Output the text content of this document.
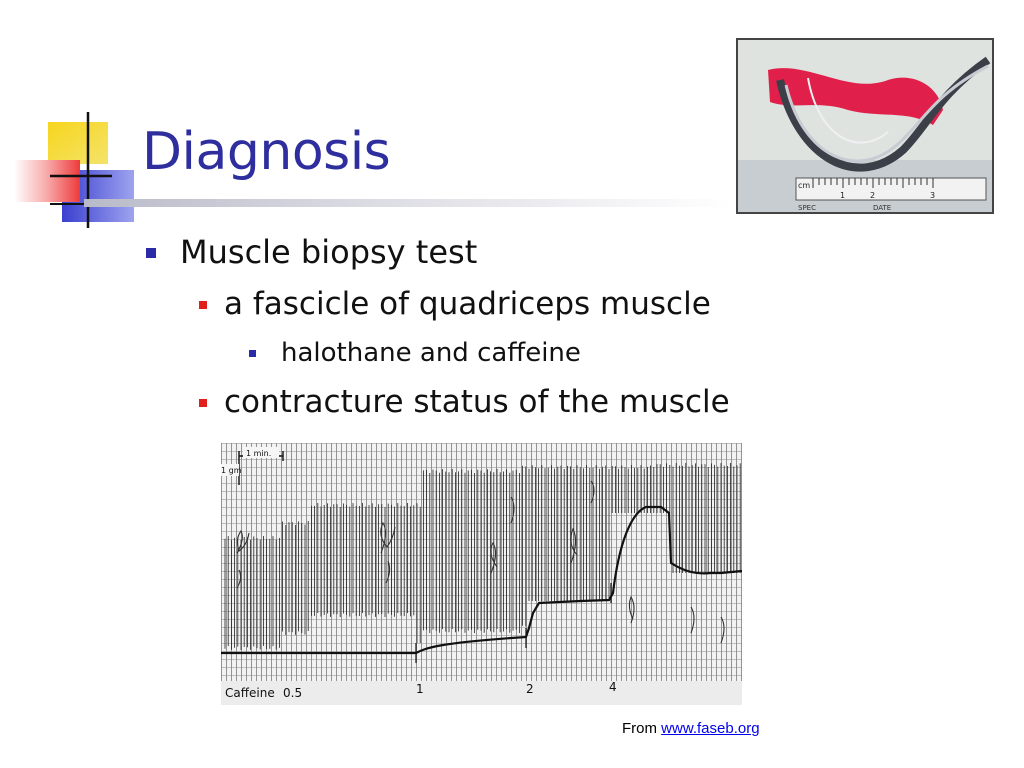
Diagnosis
cm
1	2	3
SPEC	DATE
Muscle biopsy test
a fascicle of quadriceps muscle
halothane and caffeine
contracture status of the muscle
1 min.
1 gm
Caffeine 0.5	1	2	4
From www.faseb.org
